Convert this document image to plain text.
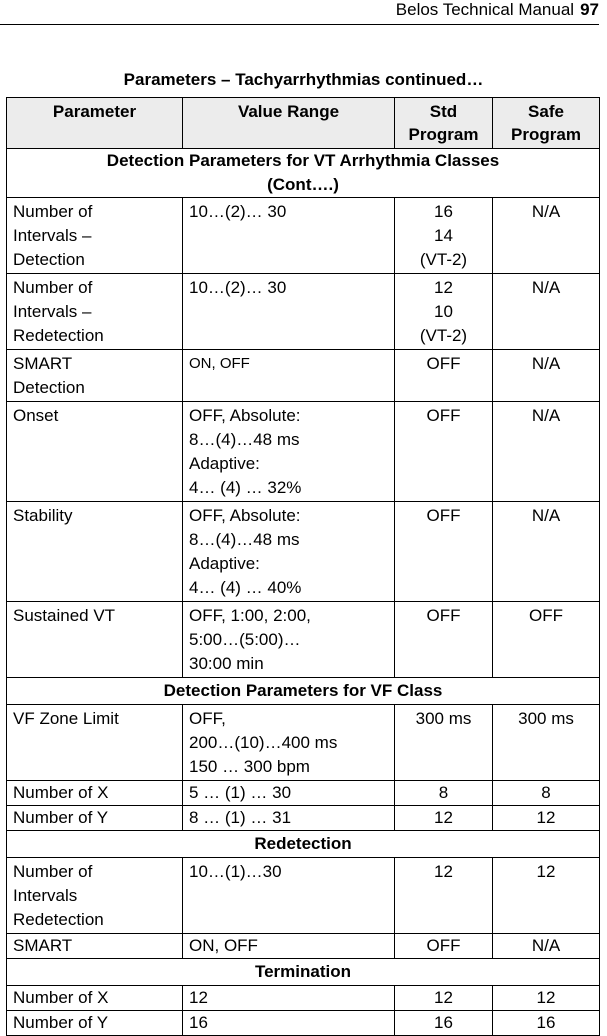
Belos Technical Manual 97
Parameters – Tachyarrhythmias continued…
Parameter	Value Range	Std Program	Safe Program
Detection Parameters for VT Arrhythmia Classes (Cont….)			
Number of Intervals – Detection	10…(2)… 30	16
14
(VT-2)	N/A
Number of Intervals – Redetection	10…(2)… 30	12
10
(VT-2)	N/A
SMART Detection	ON, OFF	OFF	N/A
Onset	OFF, Absolute:
8…(4)…48 ms
Adaptive:
4… (4) … 32%	OFF	N/A
Stability	OFF, Absolute:
8…(4)…48 ms
Adaptive:
4… (4) … 40%	OFF	N/A
Sustained VT	OFF, 1:00, 2:00,
5:00…(5:00)…
30:00 min	OFF	OFF
Detection Parameters for VF Class			
VF Zone Limit	OFF,
200…(10)…400 ms
150 … 300 bpm	300 ms	300 ms
Number of X	5 … (1) … 30	8	8
Number of Y	8 … (1) … 31	12	12
Redetection			
Number of Intervals Redetection	10…(1)…30	12	12
SMART	ON, OFF	OFF	N/A
Termination			
Number of X	12	12	12
Number of Y	16	16	16
